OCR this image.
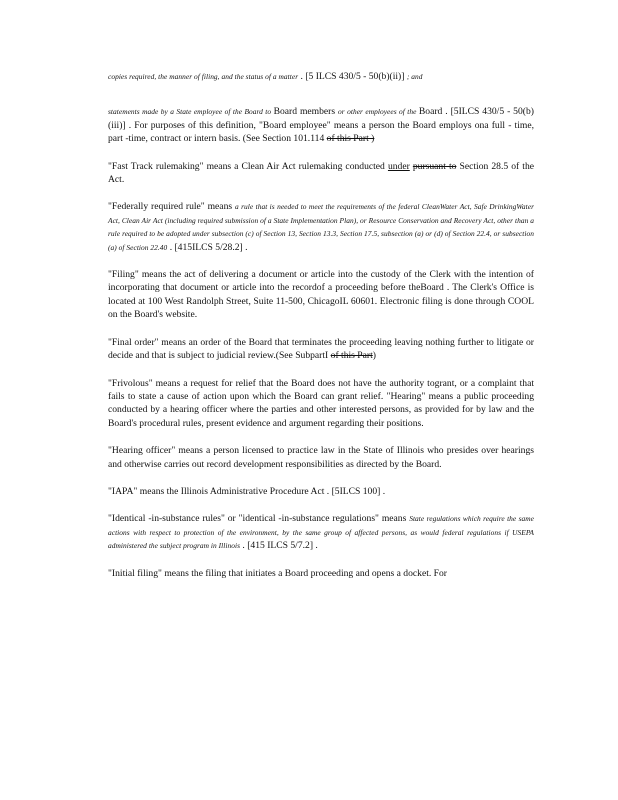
copies required, the manner of filing, and the status of a matter . [5 ILCS 430/5 - 50(b)(ii)] ; and

statements made by a State employee of the Board to Board members or other employees of the Board . [5ILCS 430/5 - 50(b)(iii)] . For purposes of this definition, "Board employee" means a person the Board employs ona full - time, part -time, contract or intern basis. (See Section 101.114 of this Part )

"Fast Track rulemaking" means a Clean Air Act rulemaking conducted under pursuant to Section 28.5 of the Act.

"Federally required rule" means a rule that is needed to meet the requirements of the federal CleanWater Act, Safe DrinkingWater Act, Clean Air Act (including required submission of a State Implementation Plan), or Resource Conservation and Recovery Act, other than a rule required to be adopted under subsection (c) of Section 13, Section 13.3, Section 17.5, subsection (a) or (d) of Section 22.4, or subsection (a) of Section 22.40 . [415ILCS 5/28.2] .

"Filing" means the act of delivering a document or article into the custody of the Clerk with the intention of incorporating that document or article into the recordof a proceeding before theBoard . The Clerk's Office is located at 100 West Randolph Street, Suite 11-500, ChicagoIL 60601. Electronic filing is done through COOL on the Board's website.

"Final order" means an order of the Board that terminates the proceeding leaving nothing further to litigate or decide and that is subject to judicial review.(See SubpartI of this Part)

"Frivolous" means a request for relief that the Board does not have the authority togrant, or a complaint that fails to state a cause of action upon which the Board can grant relief. "Hearing" means a public proceeding conducted by a hearing officer where the parties and other interested persons, as provided for by law and the Board's procedural rules, present evidence and argument regarding their positions.

"Hearing officer" means a person licensed to practice law in the State of Illinois who presides over hearings and otherwise carries out record development responsibilities as directed by the Board.

"IAPA" means the Illinois Administrative Procedure Act . [5ILCS 100] .

"Identical -in-substance rules" or "identical -in-substance regulations" means State regulations which require the same actions with respect to protection of the environment, by the same group of affected persons, as would federal regulations if USEPA administered the subject program in Illinois . [415 ILCS 5/7.2] .

"Initial filing" means the filing that initiates a Board proceeding and opens a docket. For
